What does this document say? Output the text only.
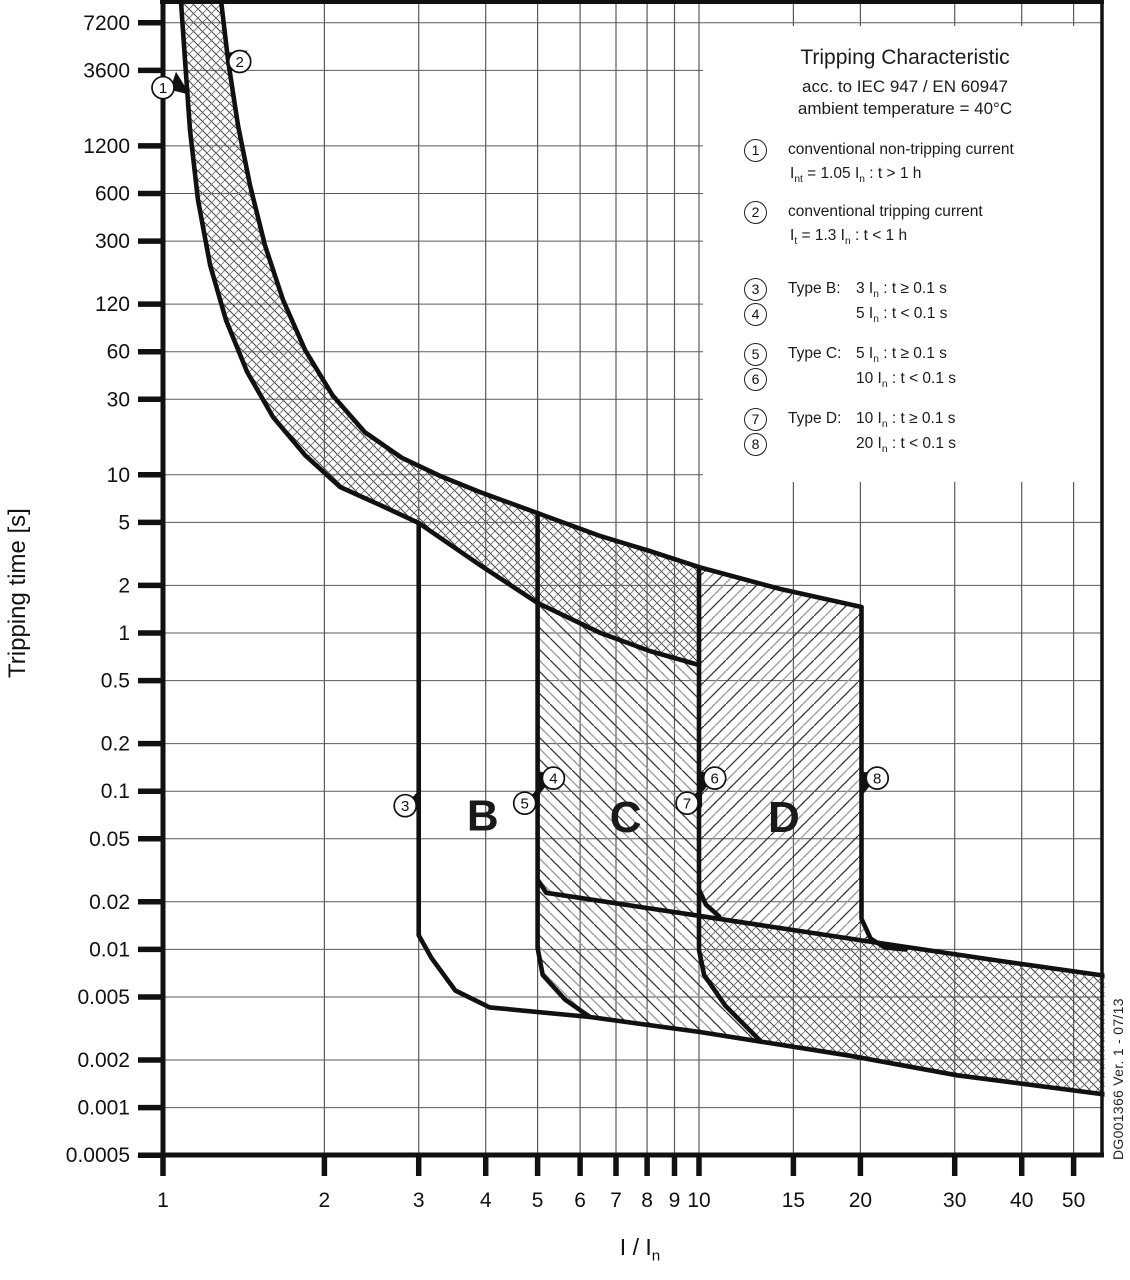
7200
3600
1200
600
300
120
60
30
10
5
2
1
0.5
0.2
0.1
0.05
0.02
0.01
0.005
0.002
0.001
0.0005
1	2	3	4 5 6 7 8 9 10	15 20	30 40 50
1
2
3
4
5
6
7
8
B	C	D
Tripping Characteristic
acc. to IEC 947 / EN 60947
ambient temperature = 40°C
1	conventional non-tripping current
$I_{nt} = 1.05$ $I_n$ : t > 1 h
2	conventional tripping current
$I_t = 1.3$ $I_n$ : t < 1 h
3	Type B: 3 $I_n$ : t ≥ 0.1 s
4	5 $I_n$ : t < 0.1 s
5	Type C: 5 $I_n$ : t ≥ 0.1 s
6	10 $I_n$ : t < 0.1 s
7	Type D: 10 $I_n$ : t ≥ 0.1 s
8	20 $I_n$ : t < 0.1 s
Tripping time [s]
I / $I_n$
DG001366 Ver. 1 - 07/13
